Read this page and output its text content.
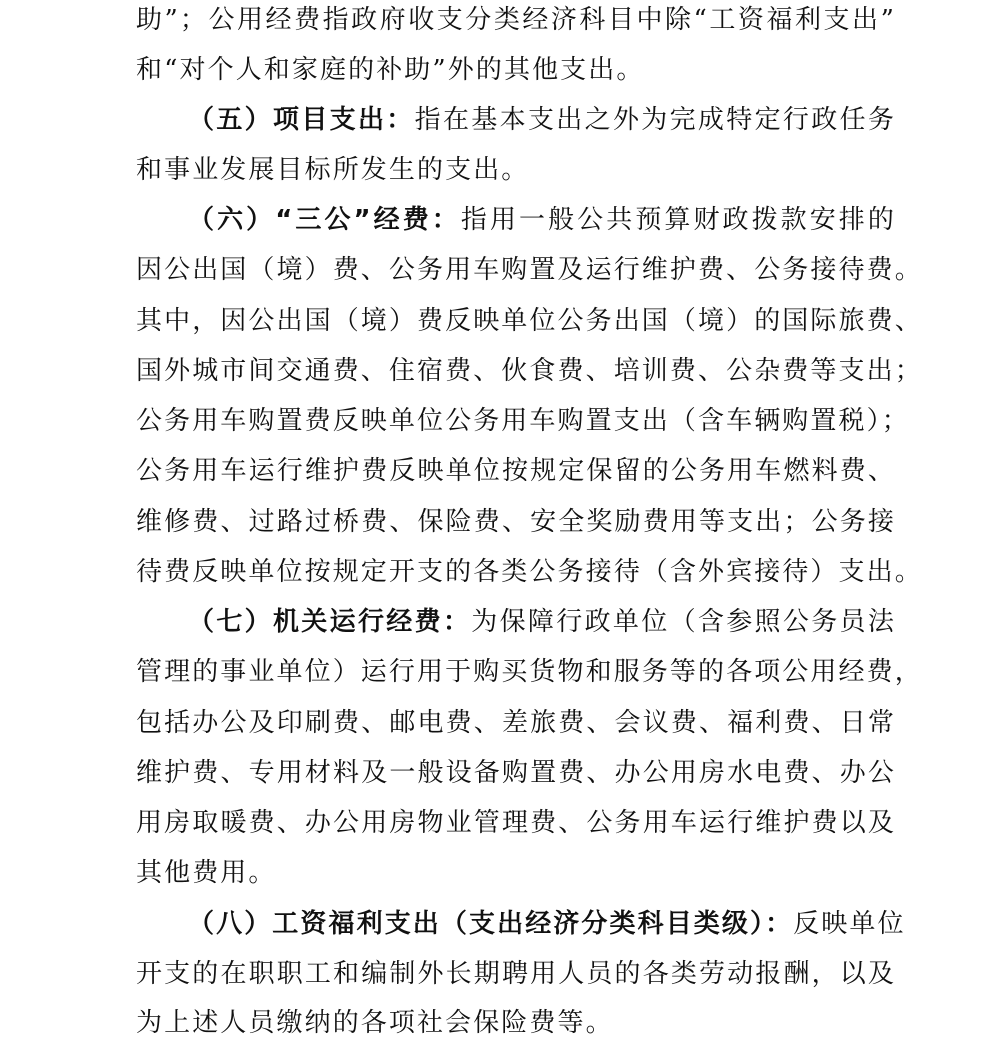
助”；公用经费指政府收支分类经济科目中除“工资福利支出”
和“对个人和家庭的补助”外的其他支出。
（五）项目支出：指在基本支出之外为完成特定行政任务
和事业发展目标所发生的支出。
（六）“三公”经费：指用一般公共预算财政拨款安排的
因公出国（境）费、公务用车购置及运行维护费、公务接待费。
其中，因公出国（境）费反映单位公务出国（境）的国际旅费、
国外城市间交通费、住宿费、伙食费、培训费、公杂费等支出；
公务用车购置费反映单位公务用车购置支出（含车辆购置税）；
公务用车运行维护费反映单位按规定保留的公务用车燃料费、
维修费、过路过桥费、保险费、安全奖励费用等支出；公务接
待费反映单位按规定开支的各类公务接待（含外宾接待）支出。
（七）机关运行经费：为保障行政单位（含参照公务员法
管理的事业单位）运行用于购买货物和服务等的各项公用经费，
包括办公及印刷费、邮电费、差旅费、会议费、福利费、日常
维护费、专用材料及一般设备购置费、办公用房水电费、办公
用房取暖费、办公用房物业管理费、公务用车运行维护费以及
其他费用。
（八）工资福利支出（支出经济分类科目类级）：反映单位
开支的在职职工和编制外长期聘用人员的各类劳动报酬，以及
为上述人员缴纳的各项社会保险费等。
